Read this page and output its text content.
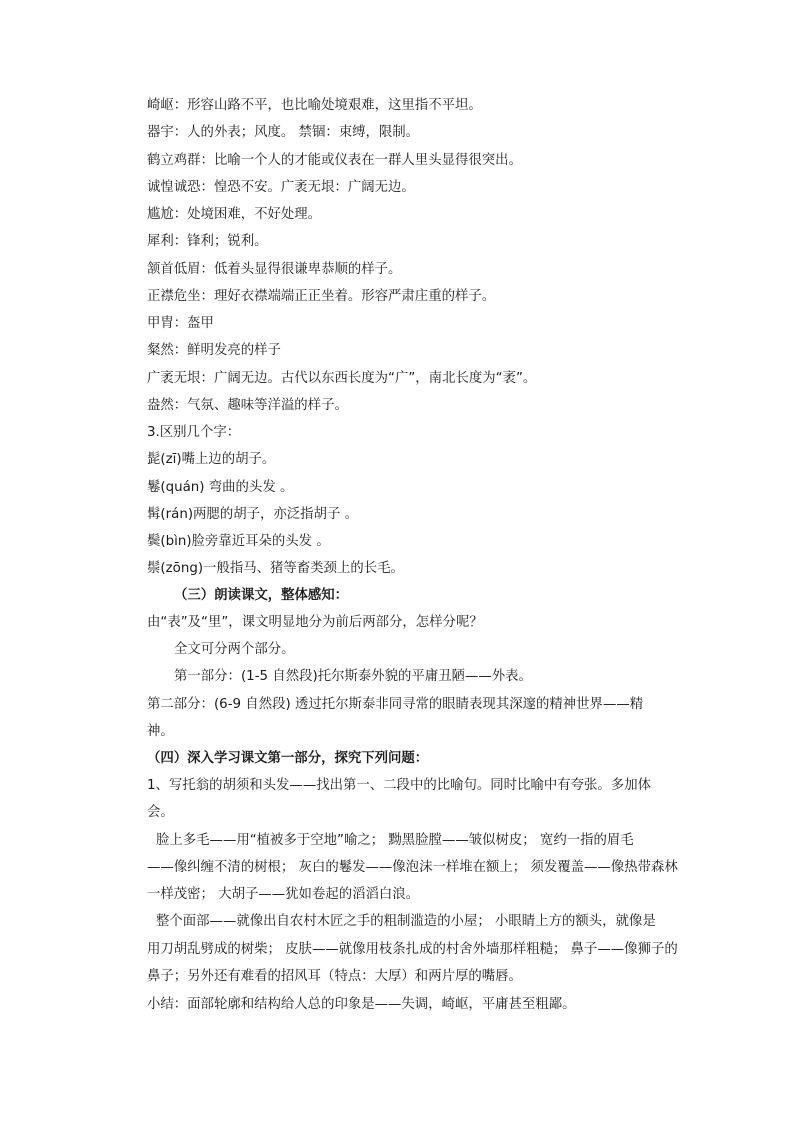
崎岖：形容山路不平，也比喻处境艰难，这里指不平坦。
器宇：人的外表；风度。 禁锢：束缚，限制。
鹤立鸡群：比喻一个人的才能或仪表在一群人里头显得很突出。
诚惶诚恐：惶恐不安。广袤无垠：广阔无边。
尴尬：处境困难，不好处理。
犀利：锋利；锐利。
颔首低眉：低着头显得很谦卑恭顺的样子。
正襟危坐：理好衣襟端端正正坐着。形容严肃庄重的样子。
甲胄：盔甲
粲然：鲜明发亮的样子
广袤无垠：广阔无边。古代以东西长度为“广”，南北长度为“袤”。
盎然：气氛、趣味等洋溢的样子。
3.区别几个字：
髭(zī)嘴上边的胡子。
鬈(quán) 弯曲的头发 。
髯(rán)两腮的胡子，亦泛指胡子 。
鬓(bìn)脸旁靠近耳朵的头发 。
鬃(zōng)一般指马、猪等畜类颈上的长毛。
（三）朗读课文，整体感知：
由“表”及“里”，课文明显地分为前后两部分，怎样分呢？
全文可分两个部分。
第一部分：(1-5 自然段)托尔斯泰外貌的平庸丑陋——外表。
第二部分：(6-9 自然段) 透过托尔斯泰非同寻常的眼睛表现其深邃的精神世界——精
神。
（四）深入学习课文第一部分，探究下列问题：
1、写托翁的胡须和头发——找出第一、二段中的比喻句。同时比喻中有夸张。多加体
会。
脸上多毛——用“植被多于空地”喻之； 黝黑脸膛——皱似树皮； 宽约一指的眉毛
——像纠缠不清的树根； 灰白的鬈发——像泡沫一样堆在额上； 须发覆盖——像热带森林
一样茂密； 大胡子——犹如卷起的滔滔白浪。
整个面部——就像出自农村木匠之手的粗制滥造的小屋； 小眼睛上方的额头，就像是
用刀胡乱劈成的树柴； 皮肤——就像用枝条扎成的村舍外墙那样粗糙； 鼻子——像狮子的
鼻子；另外还有难看的招风耳（特点：大厚）和两片厚的嘴唇。
小结：面部轮廓和结构给人总的印象是——失调，崎岖，平庸甚至粗鄙。
